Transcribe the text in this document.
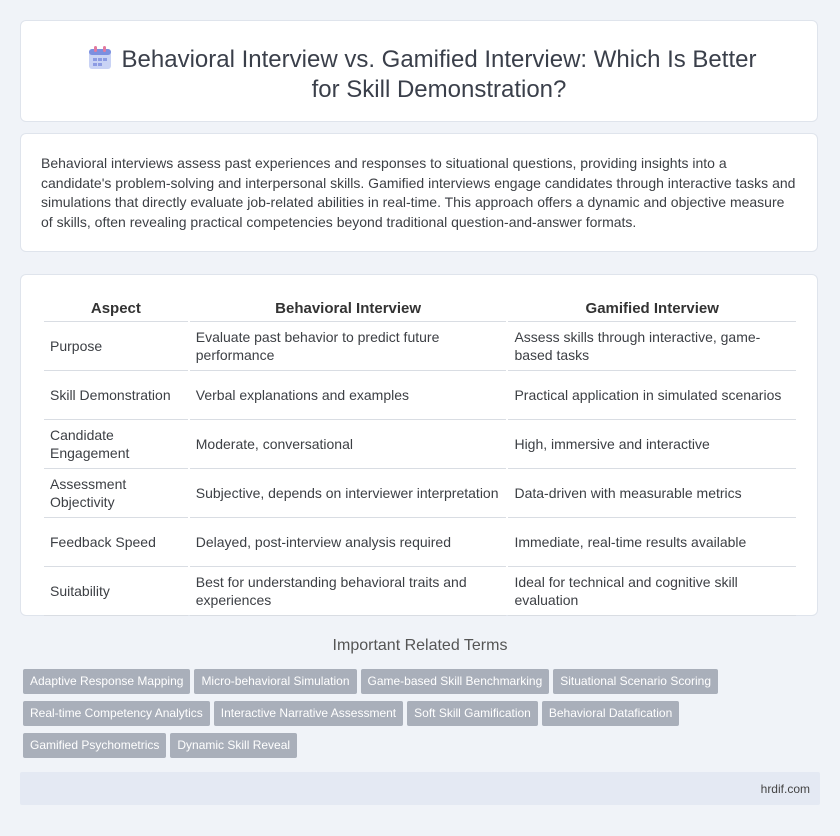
Behavioral Interview vs. Gamified Interview: Which Is Better for Skill Demonstration?
Behavioral interviews assess past experiences and responses to situational questions, providing insights into a candidate's problem-solving and interpersonal skills. Gamified interviews engage candidates through interactive tasks and simulations that directly evaluate job-related abilities in real-time. This approach offers a dynamic and objective measure of skills, often revealing practical competencies beyond traditional question-and-answer formats.
Aspect	Behavioral Interview	Gamified Interview
Purpose	Evaluate past behavior to predict future performance	Assess skills through interactive, game-based tasks
Skill Demonstration	Verbal explanations and examples	Practical application in simulated scenarios
Candidate Engagement	Moderate, conversational	High, immersive and interactive
Assessment Objectivity	Subjective, depends on interviewer interpretation	Data-driven with measurable metrics
Feedback Speed	Delayed, post-interview analysis required	Immediate, real-time results available
Suitability	Best for understanding behavioral traits and experiences	Ideal for technical and cognitive skill evaluation
Important Related Terms
Adaptive Response Mapping Micro-behavioral Simulation Game-based Skill Benchmarking Situational Scenario ScoringReal-time Competency Analytics Interactive Narrative Assessment Soft Skill Gamification Behavioral DataficationGamified Psychometrics Dynamic Skill Reveal
hrdif.com
